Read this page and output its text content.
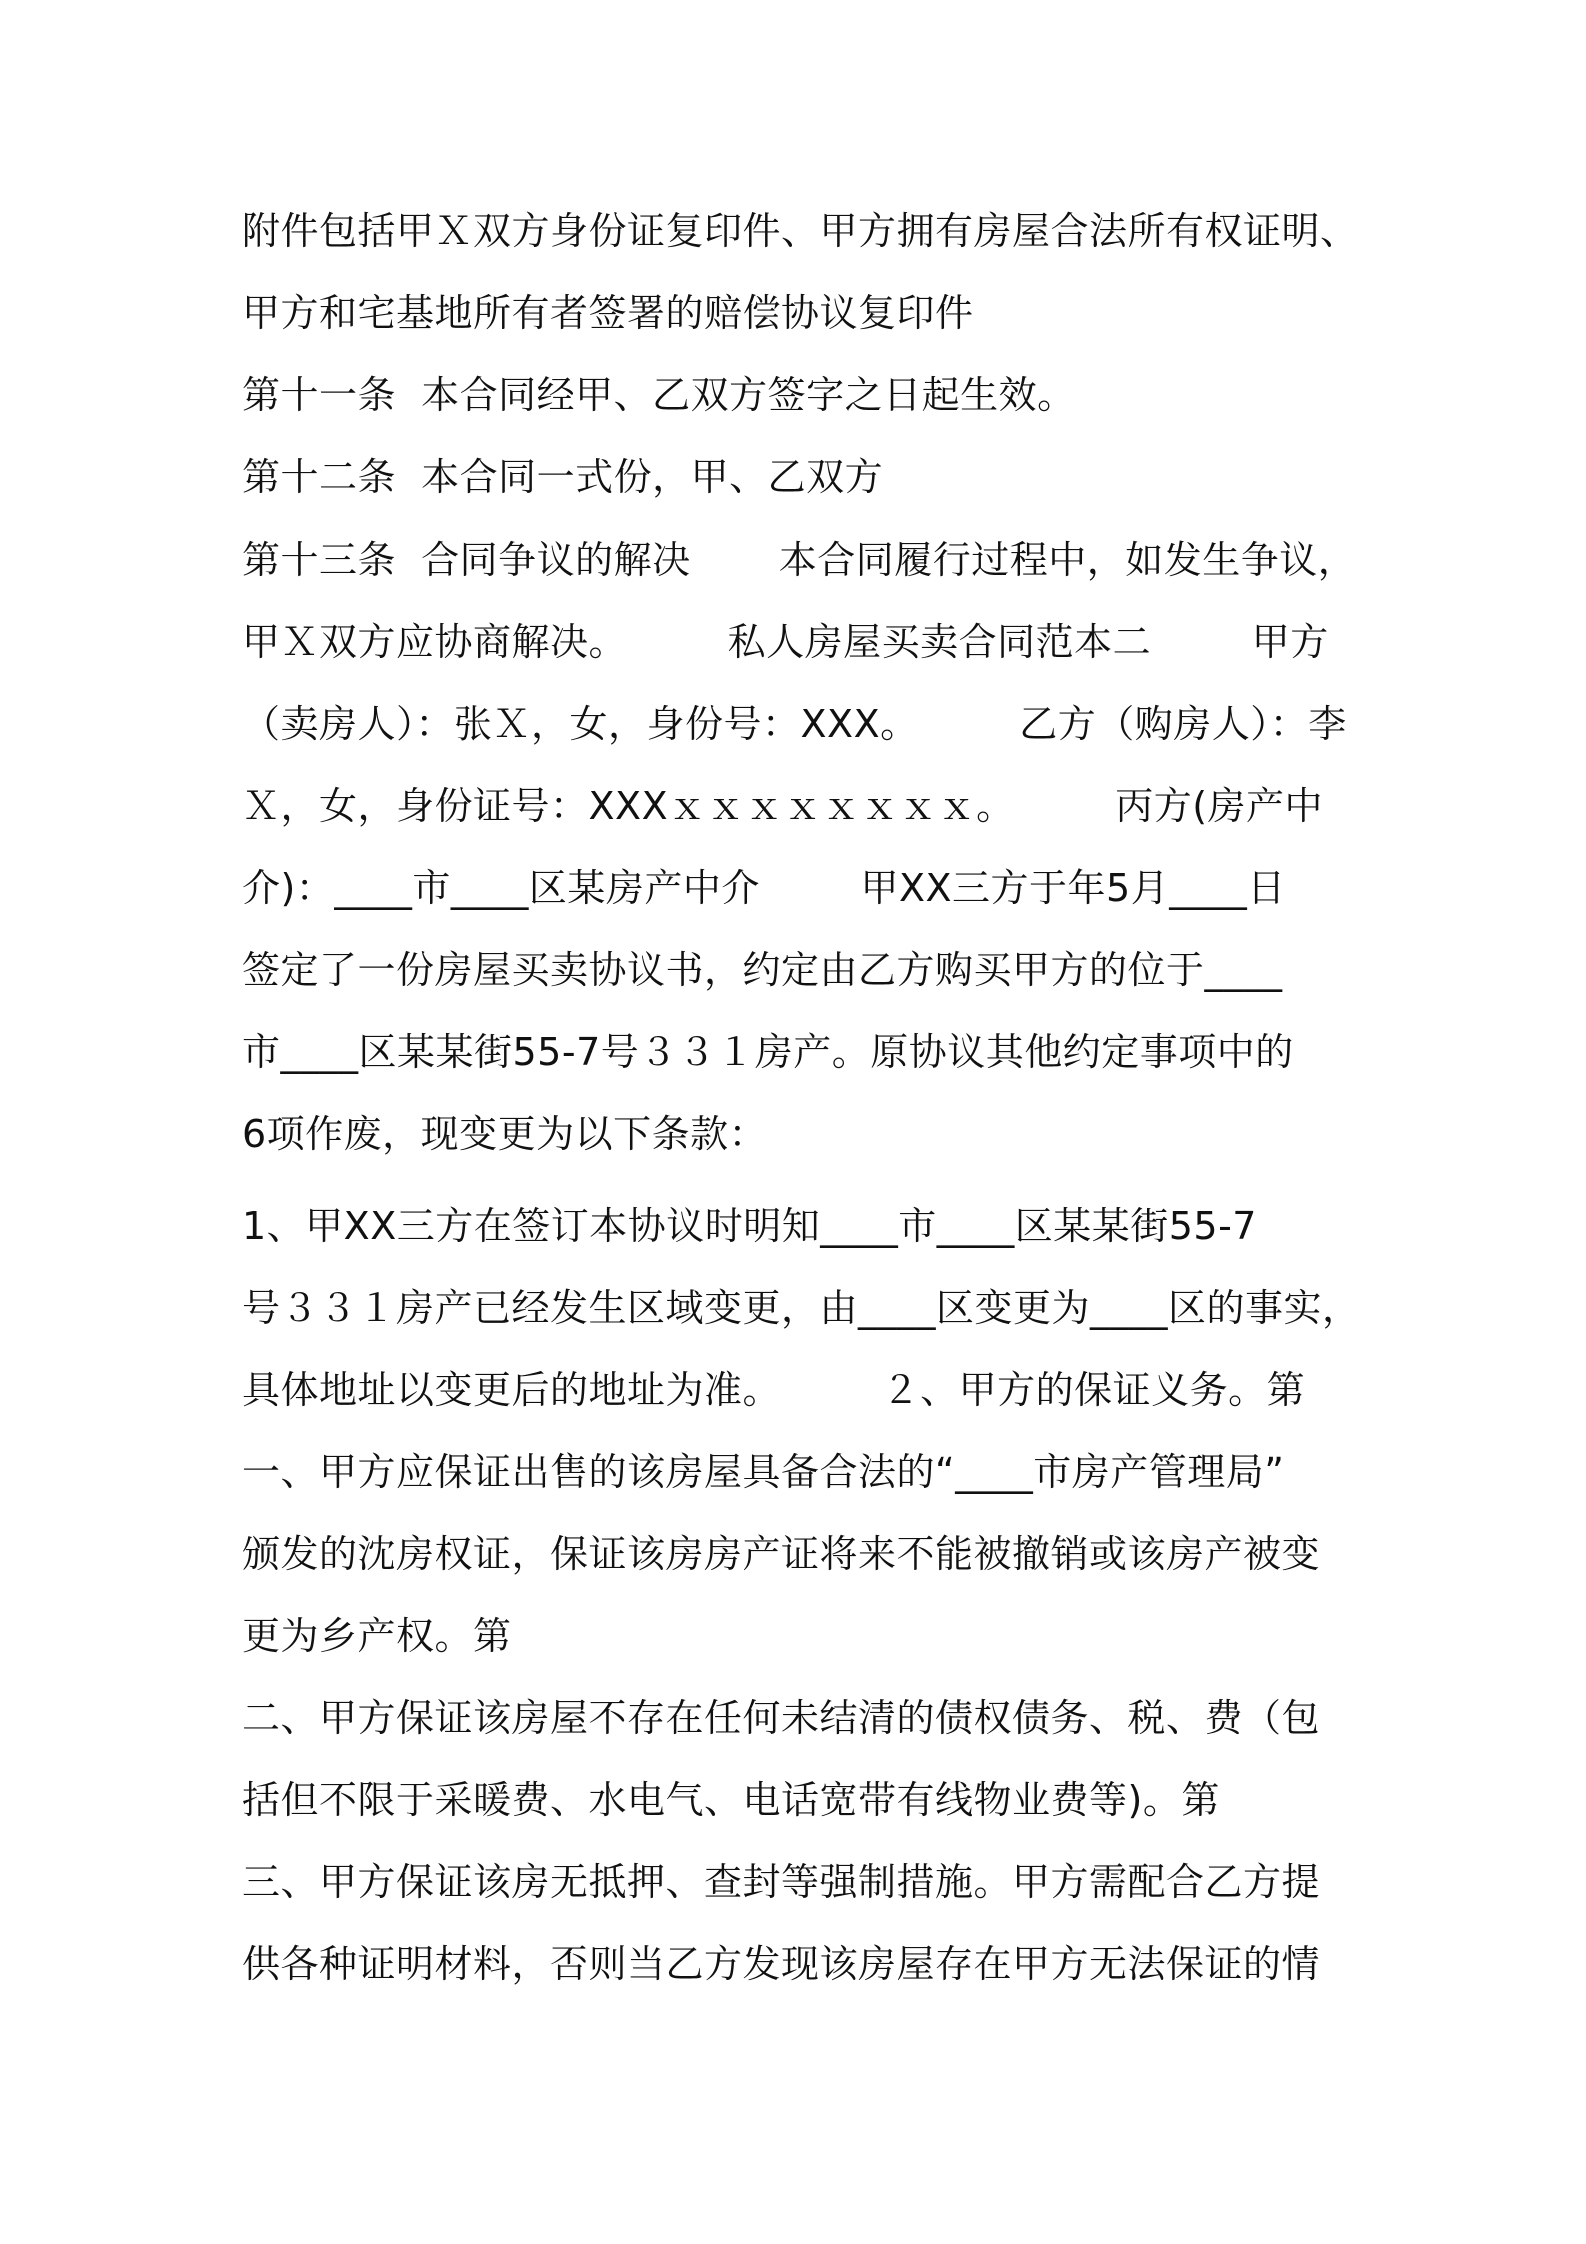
附件包括甲Ｘ双方身份证复印件、甲方拥有房屋合法所有权证明、
甲方和宅基地所有者签署的赔偿协议复印件
第十一条  本合同经甲、乙双方签字之日起生效。
第十二条  本合同一式份，甲、乙双方
第十三条  合同争议的解决       本合同履行过程中，如发生争议，
甲Ｘ双方应协商解决。        私人房屋买卖合同范本二        甲方
（卖房人）：张Ｘ，女，身份号：XXX。        乙方（购房人）：李
Ｘ，女，身份证号：XXXｘｘｘｘｘｘｘｘ。        丙方(房产中
介)：____市____区某房产中介        甲XX三方于年5月____日
签定了一份房屋买卖协议书，约定由乙方购买甲方的位于____
市____区某某街55-7号３３１房产。原协议其他约定事项中的
6项作废，现变更为以下条款：
1、甲XX三方在签订本协议时明知____市____区某某街55-7
号３３１房产已经发生区域变更，由____区变更为____区的事实，
具体地址以变更后的地址为准。        ２、甲方的保证义务。第
一、甲方应保证出售的该房屋具备合法的“____市房产管理局”
颁发的沈房权证，保证该房房产证将来不能被撤销或该房产被变
更为乡产权。第
二、甲方保证该房屋不存在任何未结清的债权债务、税、费（包
括但不限于采暖费、水电气、电话宽带有线物业费等)。第
三、甲方保证该房无抵押、查封等强制措施。甲方需配合乙方提
供各种证明材料，否则当乙方发现该房屋存在甲方无法保证的情
